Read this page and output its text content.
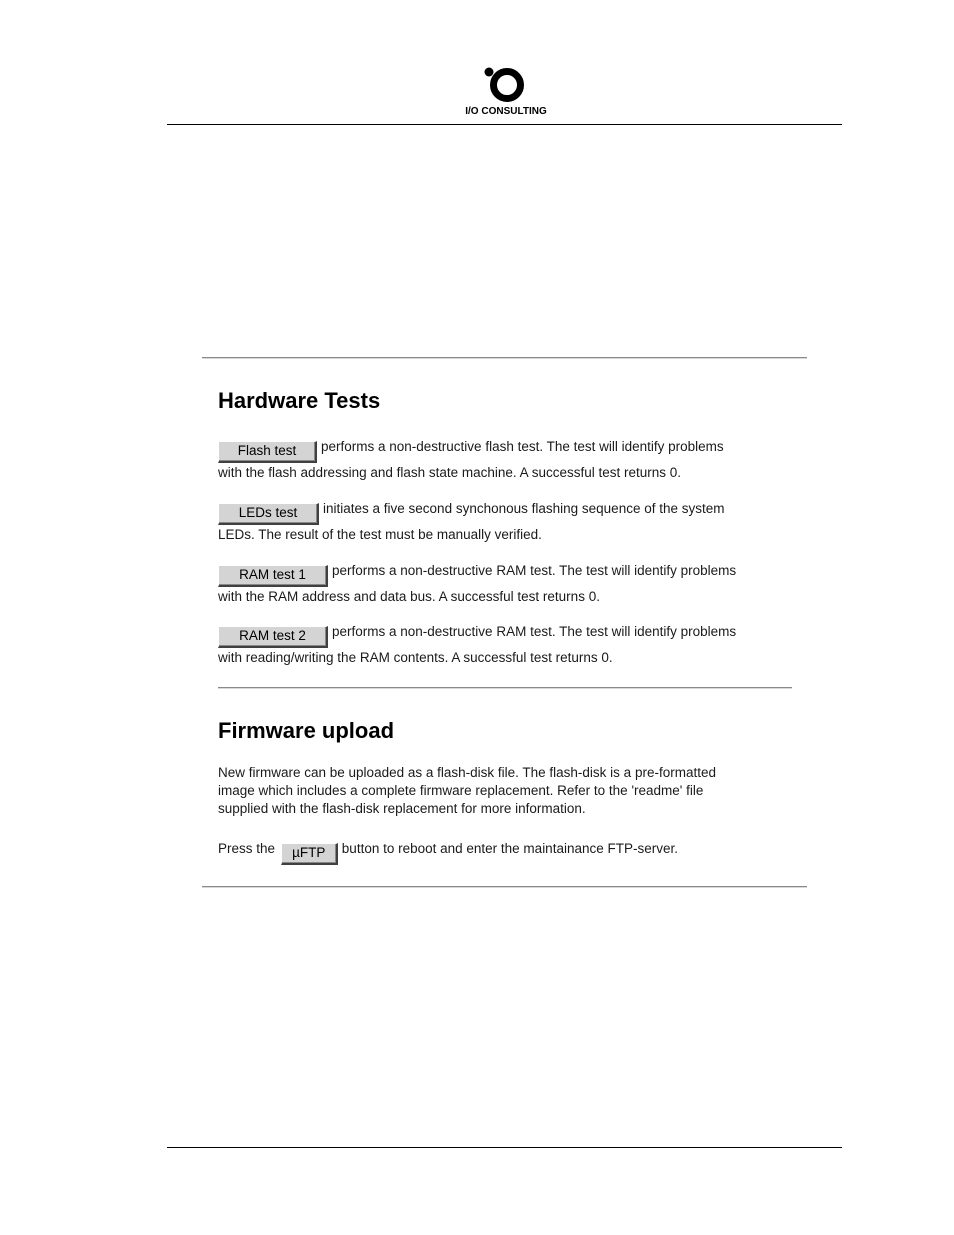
I/O CONSULTING
Hardware Tests

Flash test performs a non-destructive flash test. The test will identify problems
with the flash addressing and flash state machine. A successful test returns 0.

LEDs test initiates a five second synchonous flashing sequence of the system
LEDs. The result of the test must be manually verified.

RAM test 1 performs a non-destructive RAM test. The test will identify problems
with the RAM address and data bus. A successful test returns 0.

RAM test 2 performs a non-destructive RAM test. The test will identify problems
with reading/writing the RAM contents. A successful test returns 0.

Firmware upload

New firmware can be uploaded as a flash-disk file. The flash-disk is a pre-formatted
image which includes a complete firmware replacement. Refer to the 'readme' file
supplied with the flash-disk replacement for more information.

Press the µFTP button to reboot and enter the maintainance FTP-server.
